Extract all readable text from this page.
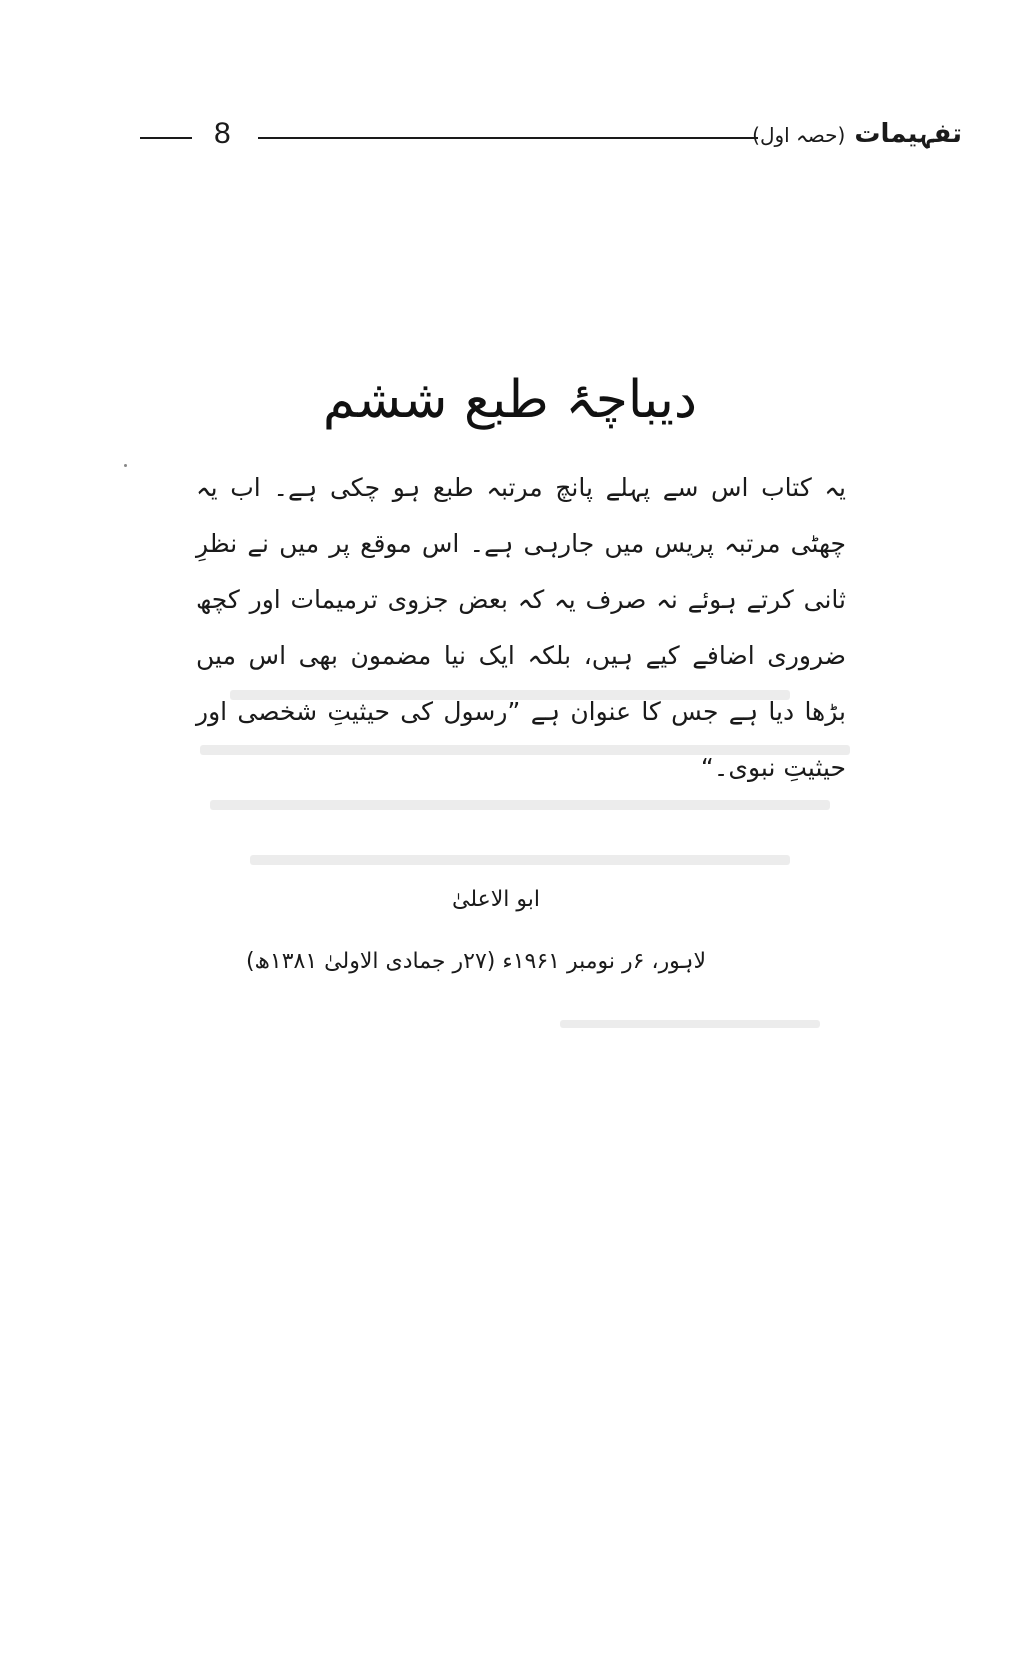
8	تفہیمات (حصہ اول)
دیباچۂ طبع ششم
یہ کتاب اس سے پہلے پانچ مرتبہ طبع ہو چکی ہے۔ اب یہ چھٹی مرتبہ پریس میں جارہی ہے۔ اس موقع پر میں نے نظرِ ثانی کرتے ہوئے نہ صرف یہ کہ بعض جزوی ترمیمات اور کچھ ضروری اضافے کیے ہیں، بلکہ ایک نیا مضمون بھی اس میں بڑھا دیا ہے جس کا عنوان ہے ”رسول کی حیثیتِ شخصی اور حیثیتِ نبوی۔“
ابو الاعلیٰ
لاہور، ۶ر نومبر ۱۹۶۱ء (۲۷ر جمادی الاولیٰ ۱۳۸۱ھ)
